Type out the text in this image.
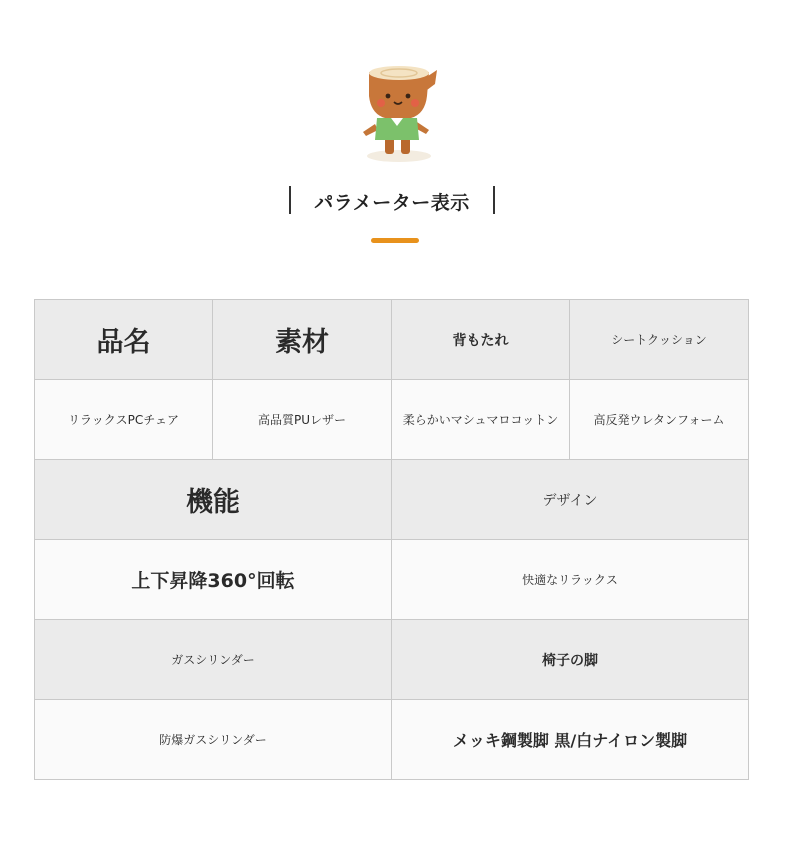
パラメーター表示
品名	素材	背もたれ	シートクッション
リラックスPCチェア	高品質PUレザー	柔らかいマシュマロコットン	高反発ウレタンフォーム
機能		デザイン	
上下昇降360°回転		快適なリラックス	
ガスシリンダー		椅子の脚	
防爆ガスシリンダー		メッキ鋼製脚 黒/白ナイロン製脚	
